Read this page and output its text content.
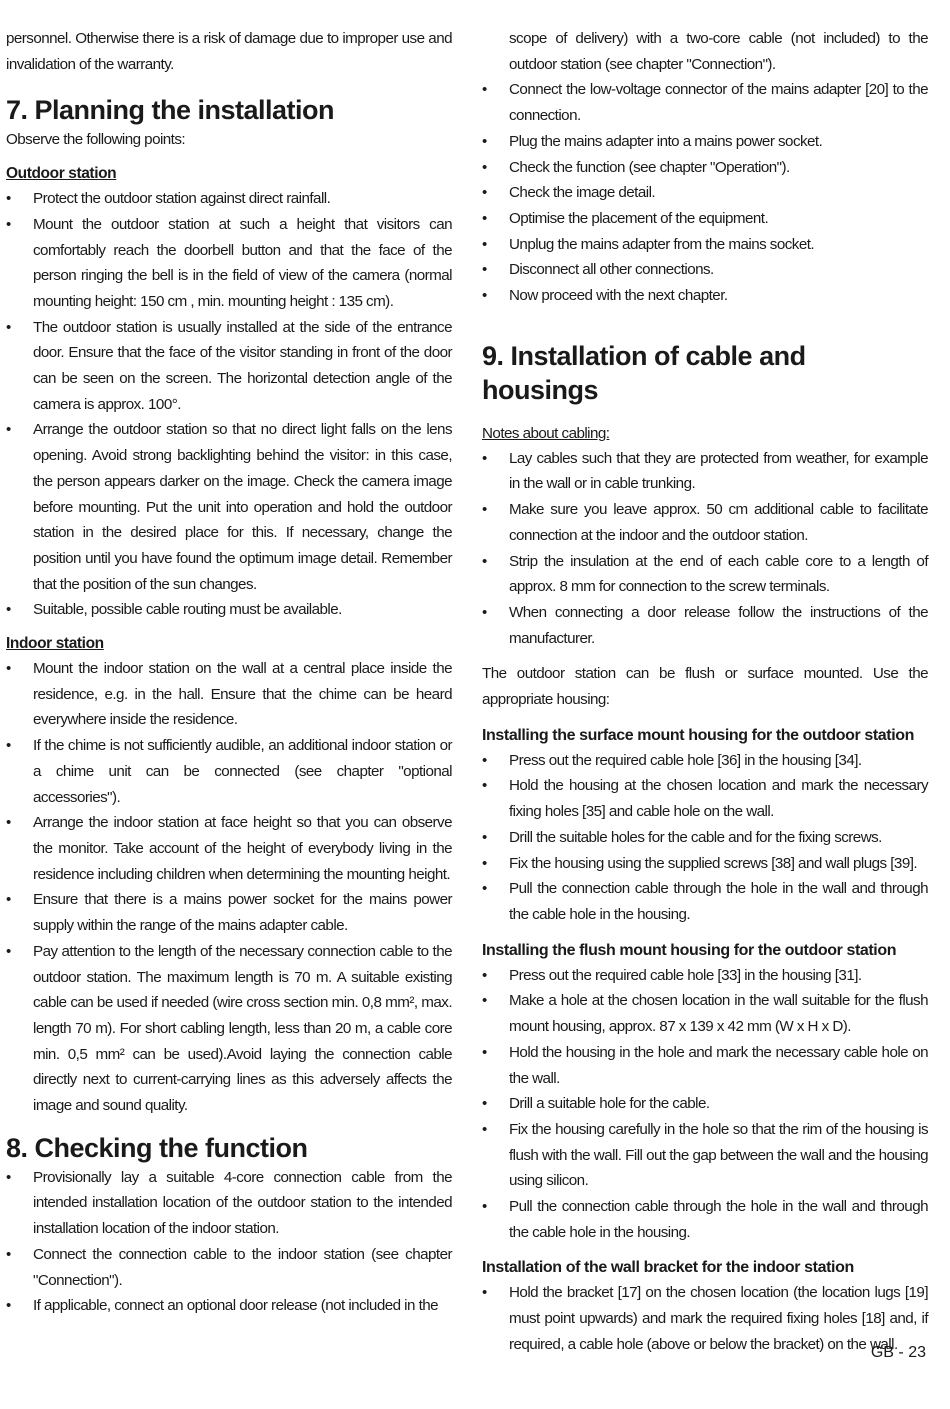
personnel. Otherwise there is a risk of damage due to improper use and invalidation of the warranty.

7. Planning the installation

Observe the following points:

Outdoor station
• Protect the outdoor station against direct rainfall.
• Mount the outdoor station at such a height that visitors can comfortably reach the doorbell button and that the face of the person ringing the bell is in the field of view of the camera (normal mounting height: 150 cm , min. mounting height : 135 cm).
• The outdoor station is usually installed at the side of the entrance door. Ensure that the face of the visitor standing in front of the door can be seen on the screen. The horizontal detection angle of the camera is approx. 100°.
• Arrange the outdoor station so that no direct light falls on the lens opening. Avoid strong backlighting behind the visitor: in this case, the person appears darker on the image. Check the camera image before mounting. Put the unit into operation and hold the outdoor station in the desired place for this. If necessary, change the position until you have found the optimum image detail. Remember that the position of the sun changes.
• Suitable, possible cable routing must be available.
Indoor station
• Mount the indoor station on the wall at a central place inside the residence, e.g. in the hall. Ensure that the chime can be heard everywhere inside the residence.
• If the chime is not sufficiently audible, an additional indoor station or a chime unit can be connected (see chapter "optional accessories").
• Arrange the indoor station at face height so that you can observe the monitor. Take account of the height of everybody living in the residence including children when determining the mounting height.
• Ensure that there is a mains power socket for the mains power supply within the range of the mains adapter cable.
• Pay attention to the length of the necessary connection cable to the outdoor station. The maximum length is 70 m. A suitable existing cable can be used if needed (wire cross section min. 0,8 mm², max. length 70 m). For short cabling length, less than 20 m, a cable core min. 0,5 mm² can be used).Avoid laying the connection cable directly next to current-carrying lines as this adversely affects the image and sound quality.
8. Checking the function
• Provisionally lay a suitable 4-core connection cable from the intended installation location of the outdoor station to the intended installation location of the indoor station.
• Connect the connection cable to the indoor station (see chapter "Connection").
• If applicable, connect an optional door release (not included in the

scope of delivery) with a two-core cable (not included) to the outdoor station (see chapter "Connection").

• Connect the low-voltage connector of the mains adapter [20] to the connection.
• Plug the mains adapter into a mains power socket.
• Check the function (see chapter "Operation").
• Check the image detail.
• Optimise the placement of the equipment.
• Unplug the mains adapter from the mains socket.
• Disconnect all other connections.
• Now proceed with the next chapter.
9. Installation of cable and housings
Notes about cabling:
• Lay cables such that they are protected from weather, for example in the wall or in cable trunking.
• Make sure you leave approx. 50 cm additional cable to facilitate connection at the indoor and the outdoor station.
• Strip the insulation at the end of each cable core to a length of approx. 8 mm for connection to the screw terminals.
• When connecting a door release follow the instructions of the manufacturer.

The outdoor station can be flush or surface mounted. Use the appropriate housing:

Installing the surface mount housing for the outdoor station
• Press out the required cable hole [36] in the housing [34].
• Hold the housing at the chosen location and mark the necessary fixing holes [35] and cable hole on the wall.
• Drill the suitable holes for the cable and for the fixing screws.
• Fix the housing using the supplied screws [38] and wall plugs [39].
• Pull the connection cable through the hole in the wall and through the cable hole in the housing.
Installing the flush mount housing for the outdoor station
• Press out the required cable hole [33] in the housing [31].
• Make a hole at the chosen location in the wall suitable for the flush mount housing, approx. 87 x 139 x 42 mm (W x H x D).
• Hold the housing in the hole and mark the necessary cable hole on the wall.
• Drill a suitable hole for the cable.
• Fix the housing carefully in the hole so that the rim of the housing is flush with the wall. Fill out the gap between the wall and the housing using silicon.
• Pull the connection cable through the hole in the wall and through the cable hole in the housing.
Installation of the wall bracket for the indoor station
• Hold the bracket [17] on the chosen location (the location lugs [19] must point upwards) and mark the required fixing holes [18] and, if required, a cable hole (above or below the bracket) on the wall.
GB - 23
